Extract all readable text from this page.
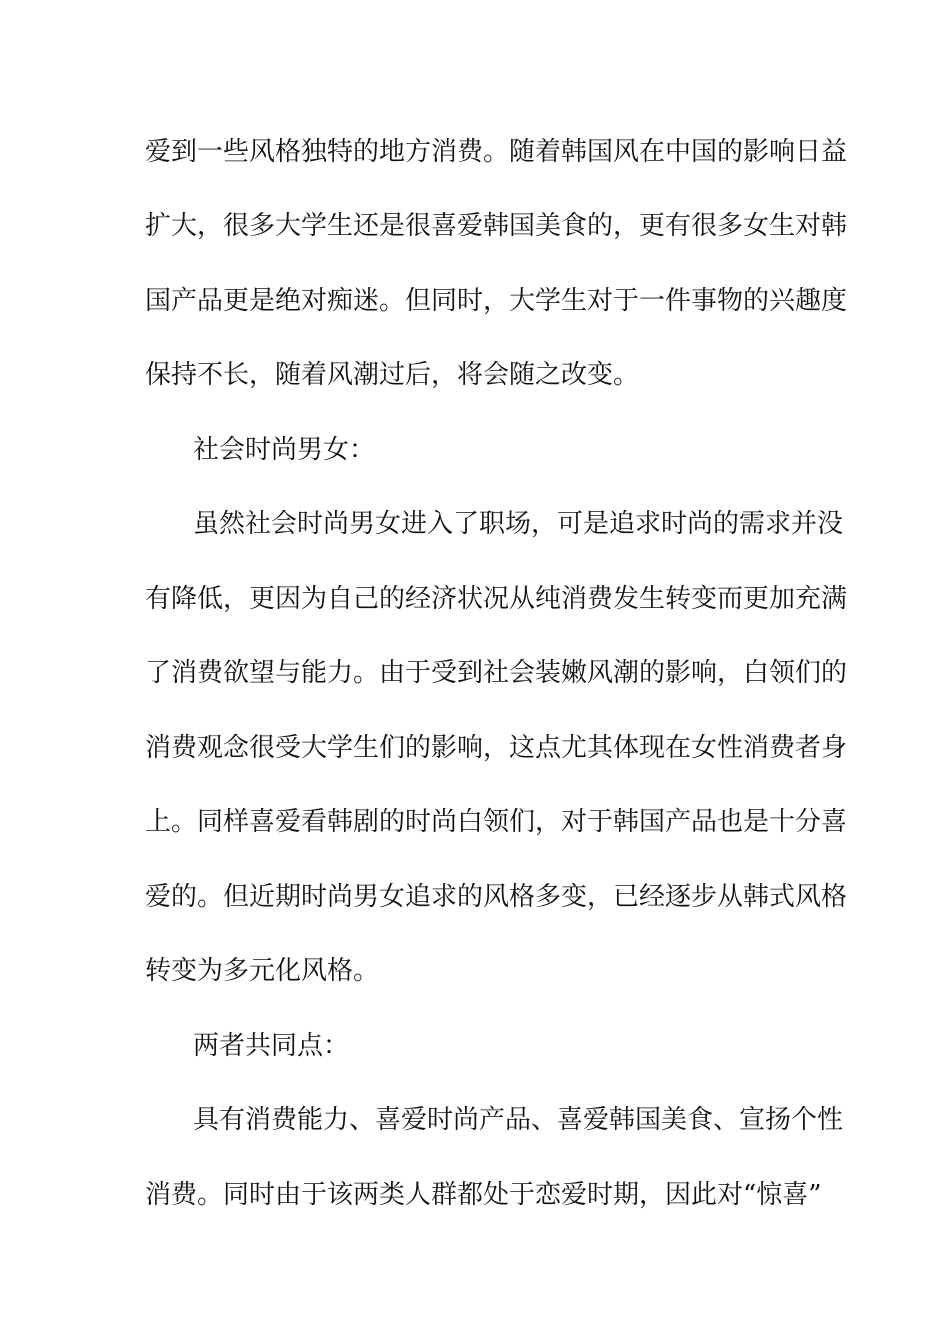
爱到一些风格独特的地方消费。随着韩国风在中国的影响日益
扩大，很多大学生还是很喜爱韩国美食的，更有很多女生对韩
国产品更是绝对痴迷。但同时，大学生对于一件事物的兴趣度
保持不长，随着风潮过后，将会随之改变。
社会时尚男女：
虽然社会时尚男女进入了职场，可是追求时尚的需求并没
有降低，更因为自己的经济状况从纯消费发生转变而更加充满
了消费欲望与能力。由于受到社会装嫩风潮的影响，白领们的
消费观念很受大学生们的影响，这点尤其体现在女性消费者身
上。同样喜爱看韩剧的时尚白领们，对于韩国产品也是十分喜
爱的。但近期时尚男女追求的风格多变，已经逐步从韩式风格
转变为多元化风格。
两者共同点：
具有消费能力、喜爱时尚产品、喜爱韩国美食、宣扬个性
消费。同时由于该两类人群都处于恋爱时期，因此对“惊喜”
